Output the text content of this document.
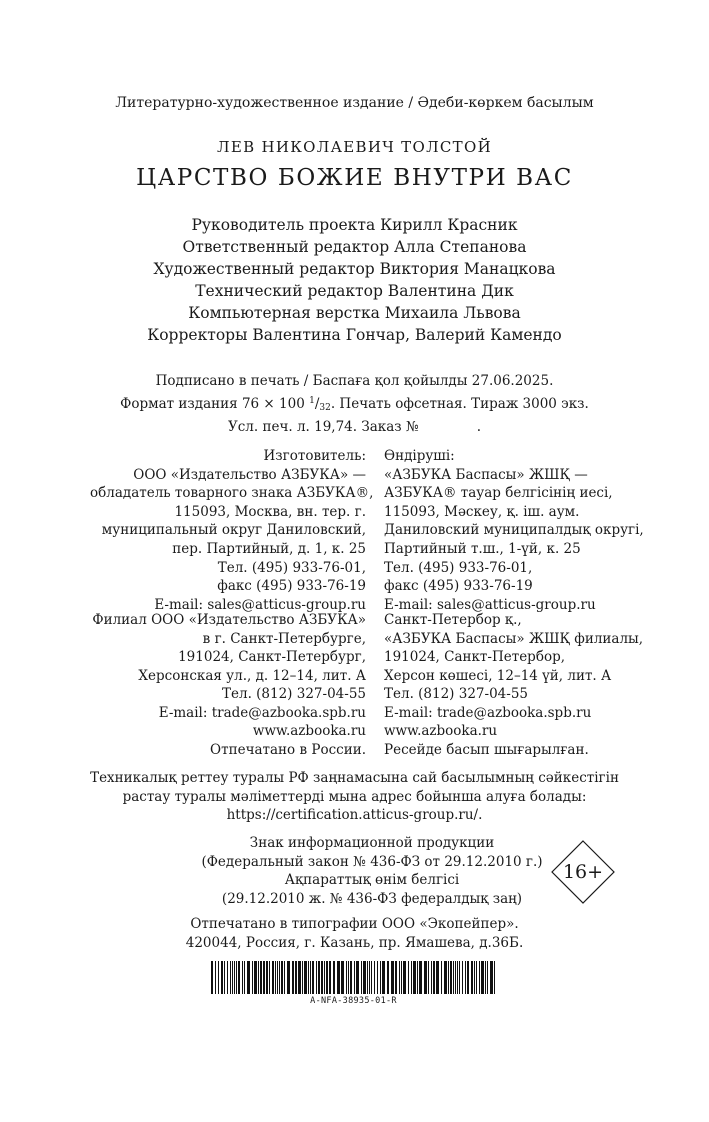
Литературно-художественное издание / Әдеби-көркем басылым
ЛЕВ НИКОЛАЕВИЧ ТОЛСТОЙ
ЦАРСТВО БОЖИЕ ВНУТРИ ВАС
Руководитель проекта Кирилл Красник
Ответственный редактор Алла Степанова
Художественный редактор Виктория Манацкова
Технический редактор Валентина Дик
Компьютерная верстка Михаила Львова
Корректоры Валентина Гончар, Валерий Камендо
Подписано в печать / Баспаға қол қойылды 27.06.2025.
Формат издания 76 × 100 $^1/_{32}$. Печать офсетная. Тираж 3000 экз.
Усл. печ. л. 19,74. Заказ №	.
Изготовитель:
ООО «Издательство АЗБУКА» —
обладатель товарного знака АЗБУКА®,
115093, Москва, вн. тер. г.
муниципальный округ Даниловский,
пер. Партийный, д. 1, к. 25
Тел. (495) 933-76-01,
факс (495) 933-76-19
E-mail: sales@atticus-group.ru
Өндіруші:
«АЗБУКА Баспасы» ЖШҚ —
АЗБУКА® тауар белгісінің иесі,
115093, Мәскеу, қ. іш. аум.
Даниловский муниципалдық округі,
Партийный т.ш., 1-үй, к. 25
Тел. (495) 933-76-01,
факс (495) 933-76-19
E-mail: sales@atticus-group.ru
Филиал ООО «Издательство АЗБУКА»
в г. Санкт-Петербурге,
191024, Санкт-Петербург,
Херсонская ул., д. 12–14, лит. А
Тел. (812) 327-04-55
E-mail: trade@azbooka.spb.ru
Санкт-Петербор қ.,
«АЗБУКА Баспасы» ЖШҚ филиалы,
191024, Санкт-Петербор,
Херсон көшесі, 12–14 үй, лит. А
Тел. (812) 327-04-55
E-mail: trade@azbooka.spb.ru
www.azbooka.ru
Отпечатано в России.
www.azbooka.ru
Ресейде басып шығарылған.
Техникалық реттеу туралы РФ заңнамасына сай басылымның сәйкестігін
растау туралы мәліметтерді мына адрес бойынша алуға болады:
https://certification.atticus-group.ru/.
Знак информационной продукции
(Федеральный закон № 436-ФЗ от 29.12.2010 г.)
Ақпараттық өнім белгісі
(29.12.2010 ж. № 436-ФЗ федералдық заң)
16+
Отпечатано в типографии ООО «Экопейпер».
420044, Россия, г. Казань, пр. Ямашева, д.36Б.
A-NFA-38935-01-R
